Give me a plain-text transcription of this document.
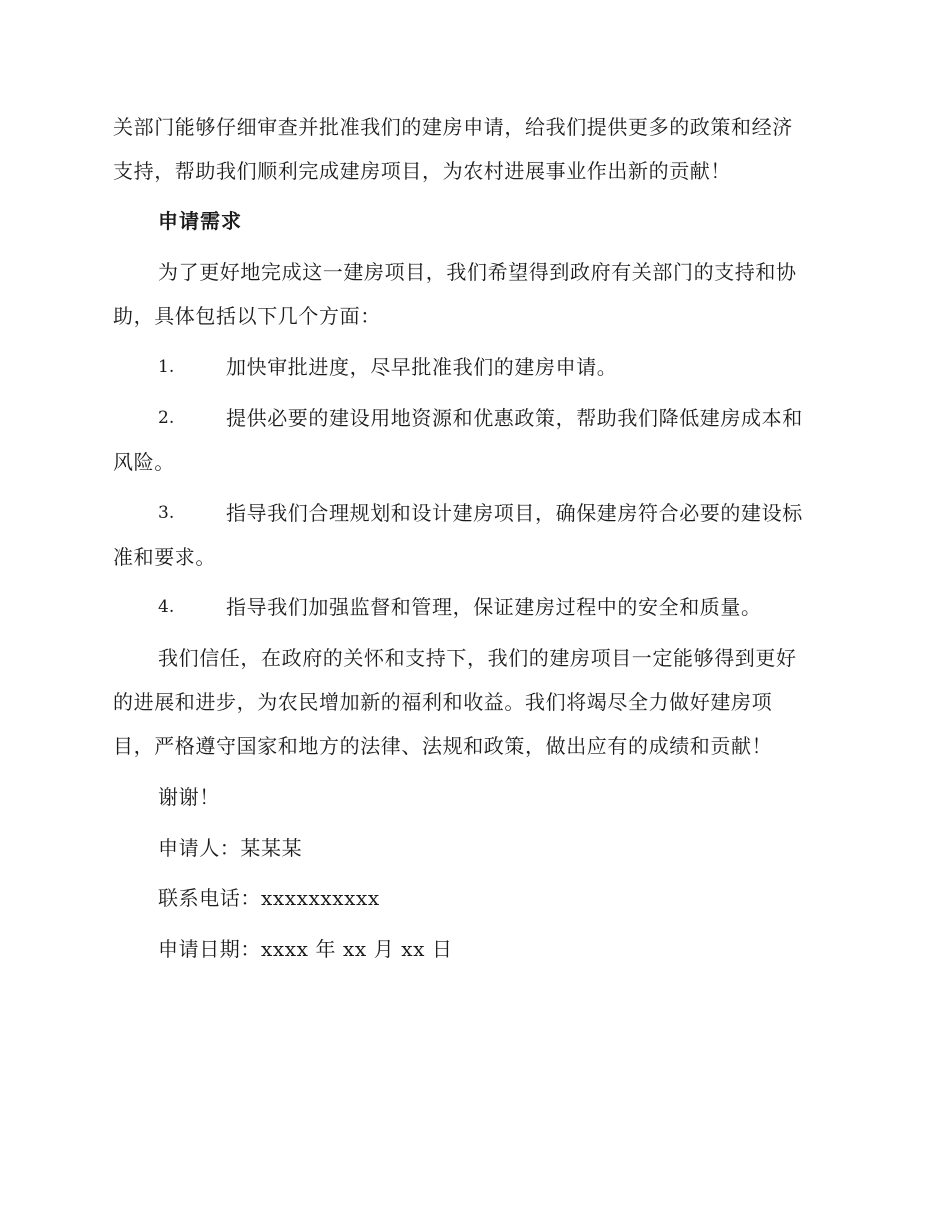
关部门能够仔细审查并批准我们的建房申请，给我们提供更多的政策和经济
支持，帮助我们顺利完成建房项目，为农村进展事业作出新的贡献！
申请需求
为了更好地完成这一建房项目，我们希望得到政府有关部门的支持和协
助，具体包括以下几个方面：
1.	加快审批进度，尽早批准我们的建房申请。
2.	提供必要的建设用地资源和优惠政策，帮助我们降低建房成本和
风险。
3.	指导我们合理规划和设计建房项目，确保建房符合必要的建设标
准和要求。
4.	指导我们加强监督和管理，保证建房过程中的安全和质量。
我们信任，在政府的关怀和支持下，我们的建房项目一定能够得到更好
的进展和进步，为农民增加新的福利和收益。我们将竭尽全力做好建房项
目，严格遵守国家和地方的法律、法规和政策，做出应有的成绩和贡献！
谢谢！
申请人：某某某
联系电话：xxxxxxxxxx
申请日期：xxxx 年 xx 月 xx 日
